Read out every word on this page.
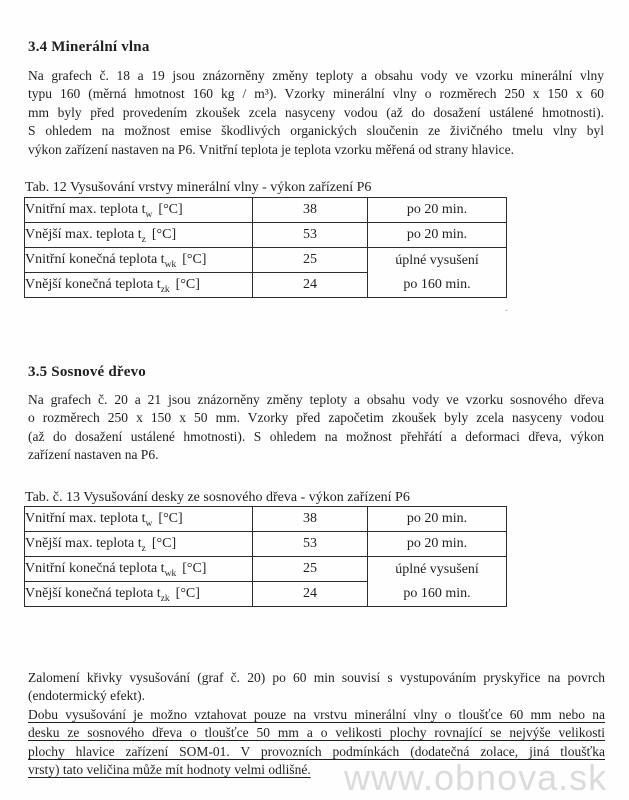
3.4 Minerální vlna
Na grafech č. 18 a 19 jsou znázorněny změny teploty a obsahu vody ve vzorku minerální vlny
typu 160 (měrná hmotnost 160 kg / m³). Vzorky minerální vlny o rozměrech 250 x 150 x 60
mm byly před provedením zkoušek zcela nasyceny vodou (až do dosažení ustálené hmotnosti).
S ohledem na možnost emise škodlivých organických sloučenin ze živičného tmelu vlny byl
výkon zařízení nastaven na P6. Vnitřní teplota je teplota vzorku měřená od strany hlavice.
Tab. 12 Vysušování vrstvy minerální vlny - výkon zařízení P6
Vnitřní max. teplota $t_w$ [°C]	38	po 20 min.
Vnější max. teplota $t_z$ [°C]	53	po 20 min.
Vnitřní konečná teplota $t_{wk}$ [°C]	25	úplné vysušení
po 160 min.

Vnější konečná teplota $t_{zk}$ [°C]	24	
ˇ
3.5 Sosnové dřevo
Na grafech č. 20 a 21 jsou znázorněny změny teploty a obsahu vody ve vzorku sosnového dřeva
o rozměrech 250 x 150 x 50 mm. Vzorky před započetim zkoušek byly zcela nasyceny vodou
(až do dosažení ustálené hmotnosti). S ohledem na možnost přehřátí a deformaci dřeva, výkon
zařízení nastaven na P6.
Tab. č. 13 Vysušování desky ze sosnového dřeva - výkon zařízení P6
Vnitřní max. teplota $t_w$ [°C]	38	po 20 min.
Vnější max. teplota $t_z$ [°C]	53	po 20 min.
Vnitřní konečná teplota $t_{wk}$ [°C]	25	úplné vysušení
po 160 min.

Vnější konečná teplota $t_{zk}$ [°C]	24	
Zalomení křivky vysušování (graf č. 20) po 60 min souvisí s vystupováním pryskyřice na povrch
(endotermický efekt).
Dobu vysušování je možno vztahovat pouze na vrstvu minerální vlny o tloušťce 60 mm nebo na
desku ze sosnového dřeva o tloušťce 50 mm a o velikosti plochy rovnající se nejvýše velikosti
plochy hlavice zařízení SOM-01. V provozních podmínkách (dodatečná zolace, jiná tloušťka
vrsty) tato veličina může mít hodnoty velmi odlišné. www.obnova.sk
